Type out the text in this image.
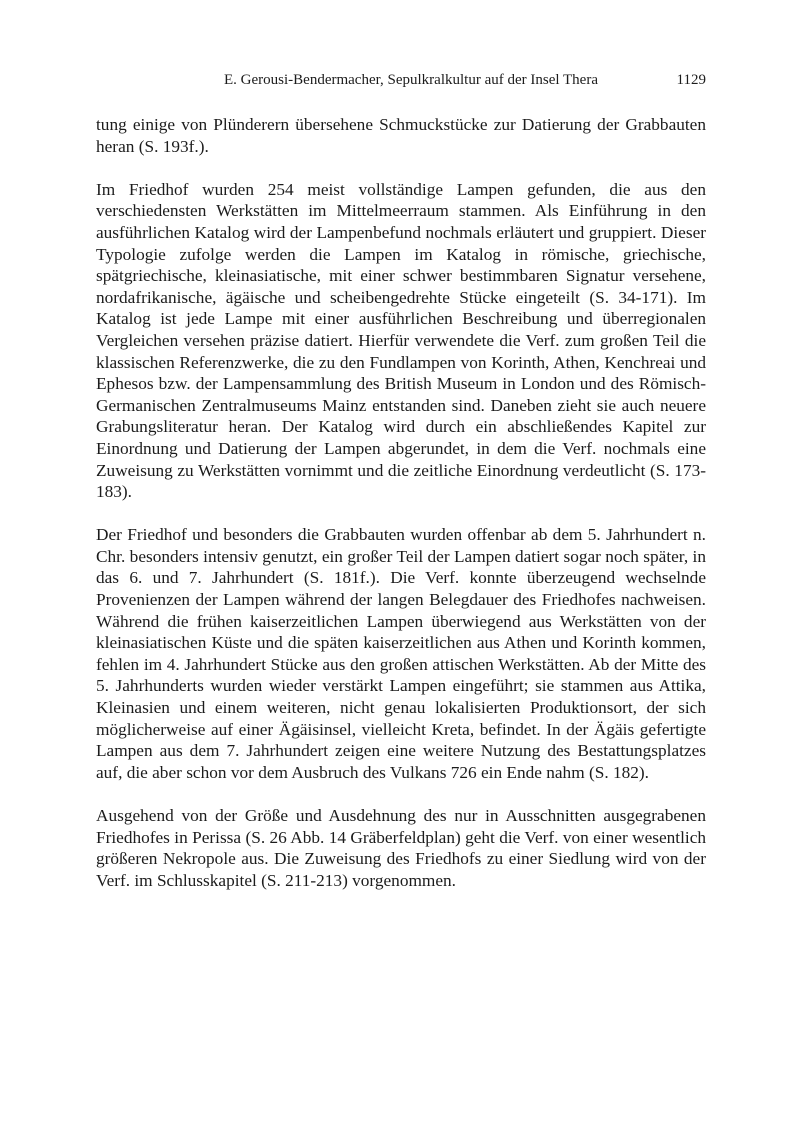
E. Gerousi-Bendermacher, Sepulkralkultur auf der Insel Thera	1129

tung einige von Plünderern übersehene Schmuckstücke zur Datierung der Grabbauten heran (S. 193f.).

Im Friedhof wurden 254 meist vollständige Lampen gefunden, die aus den verschiedensten Werkstätten im Mittelmeerraum stammen. Als Einführung in den ausführlichen Katalog wird der Lampenbefund nochmals erläutert und gruppiert. Dieser Typologie zufolge werden die Lampen im Katalog in römische, griechische, spätgriechische, kleinasiatische, mit einer schwer bestimmbaren Signatur versehene, nordafrikanische, ägäische und scheibengedrehte Stücke eingeteilt (S. 34-171). Im Katalog ist jede Lampe mit einer ausführlichen Beschreibung und überregionalen Vergleichen versehen präzise datiert. Hierfür verwendete die Verf. zum großen Teil die klassischen Referenzwerke, die zu den Fundlampen von Korinth, Athen, Kenchreai und Ephesos bzw. der Lampensammlung des British Museum in London und des Römisch-Germanischen Zentralmuseums Mainz entstanden sind. Daneben zieht sie auch neuere Grabungsliteratur heran. Der Katalog wird durch ein abschließendes Kapitel zur Einordnung und Datierung der Lampen abgerundet, in dem die Verf. nochmals eine Zuweisung zu Werkstätten vornimmt und die zeitliche Einordnung verdeutlicht (S. 173-183).

Der Friedhof und besonders die Grabbauten wurden offenbar ab dem 5. Jahrhundert n. Chr. besonders intensiv genutzt, ein großer Teil der Lampen datiert sogar noch später, in das 6. und 7. Jahrhundert (S. 181f.). Die Verf. konnte überzeugend wechselnde Provenienzen der Lampen während der langen Belegdauer des Friedhofes nachweisen. Während die frühen kaiserzeitlichen Lampen überwiegend aus Werkstätten von der kleinasiatischen Küste und die späten kaiserzeitlichen aus Athen und Korinth kommen, fehlen im 4. Jahrhundert Stücke aus den großen attischen Werkstätten. Ab der Mitte des 5. Jahrhunderts wurden wieder verstärkt Lampen eingeführt; sie stammen aus Attika, Kleinasien und einem weiteren, nicht genau lokalisierten Produktionsort, der sich möglicherweise auf einer Ägäisinsel, vielleicht Kreta, befindet. In der Ägäis gefertigte Lampen aus dem 7. Jahrhundert zeigen eine weitere Nutzung des Bestattungsplatzes auf, die aber schon vor dem Ausbruch des Vulkans 726 ein Ende nahm (S. 182).

Ausgehend von der Größe und Ausdehnung des nur in Ausschnitten ausgegrabenen Friedhofes in Perissa (S. 26 Abb. 14 Gräberfeldplan) geht die Verf. von einer wesentlich größeren Nekropole aus. Die Zuweisung des Friedhofs zu einer Siedlung wird von der Verf. im Schlusskapitel (S. 211-213) vorgenommen.
